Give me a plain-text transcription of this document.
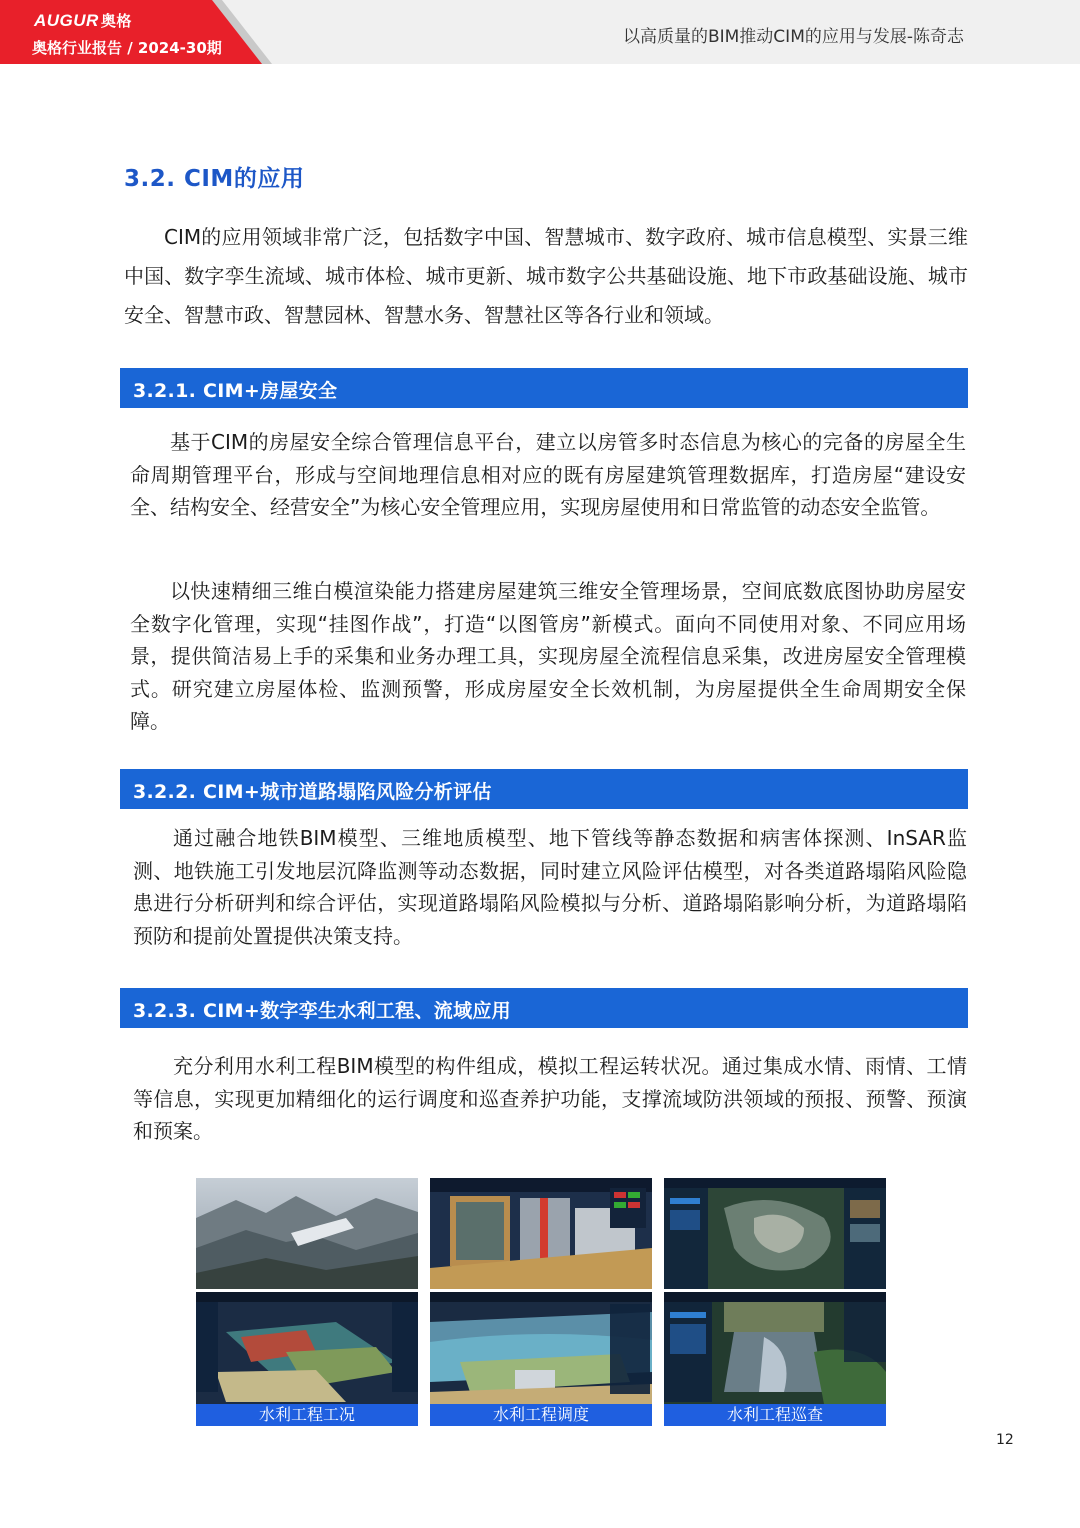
AUGUR 奥格
奥格行业报告 / 2024-30期
以高质量的BIM推动CIM的应用与发展-陈奇志
3.2. CIM的应用
CIM的应用领域非常广泛，包括数字中国、智慧城市、数字政府、城市信息模型、实景三维中国、数字孪生流域、城市体检、城市更新、城市数字公共基础设施、地下市政基础设施、城市安全、智慧市政、智慧园林、智慧水务、智慧社区等各行业和领域。
3.2.1. CIM+房屋安全
基于CIM的房屋安全综合管理信息平台，建立以房管多时态信息为核心的完备的房屋全生命周期管理平台，形成与空间地理信息相对应的既有房屋建筑管理数据库，打造房屋“建设安全、结构安全、经营安全”为核心安全管理应用，实现房屋使用和日常监管的动态安全监管。
以快速精细三维白模渲染能力搭建房屋建筑三维安全管理场景，空间底数底图协助房屋安全数字化管理，实现“挂图作战”，打造“以图管房”新模式。面向不同使用对象、不同应用场景，提供简洁易上手的采集和业务办理工具，实现房屋全流程信息采集，改进房屋安全管理模式。研究建立房屋体检、监测预警，形成房屋安全长效机制，为房屋提供全生命周期安全保障。
3.2.2. CIM+城市道路塌陷风险分析评估
通过融合地铁BIM模型、三维地质模型、地下管线等静态数据和病害体探测、InSAR监测、地铁施工引发地层沉降监测等动态数据，同时建立风险评估模型，对各类道路塌陷风险隐患进行分析研判和综合评估，实现道路塌陷风险模拟与分析、道路塌陷影响分析，为道路塌陷预防和提前处置提供决策支持。
3.2.3. CIM+数字孪生水利工程、流域应用
充分利用水利工程BIM模型的构件组成，模拟工程运转状况。通过集成水情、雨情、工情等信息，实现更加精细化的运行调度和巡查养护功能，支撑流域防洪领域的预报、预警、预演和预案。
水利工程工况	水利工程调度	水利工程巡查
12
